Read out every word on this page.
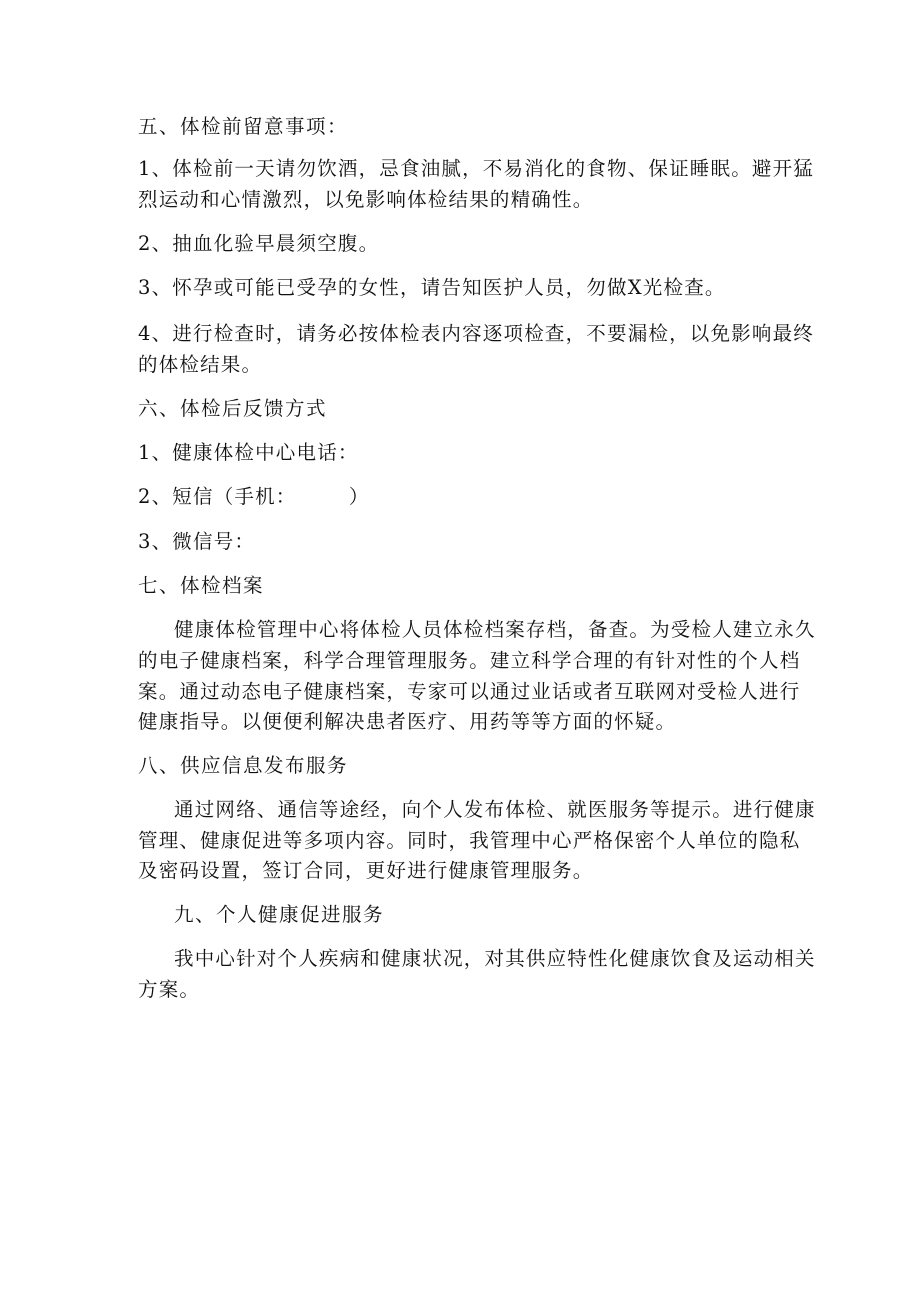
五、体检前留意事项：

1、体检前一天请勿饮酒，忌食油腻，不易消化的食物、保证睡眠。避开猛

烈运动和心情激烈，以免影响体检结果的精确性。

2、抽血化验早晨须空腹。

3、怀孕或可能已受孕的女性，请告知医护人员，勿做X光检查。

4、进行检查时，请务必按体检表内容逐项检查，不要漏检，以免影响最终

的体检结果。

六、体检后反馈方式

1、健康体检中心电话：

2、短信（手机：　　　）

3、微信号：

七、体检档案

健康体检管理中心将体检人员体检档案存档，备查。为受检人建立永久

的电子健康档案，科学合理管理服务。建立科学合理的有针对性的个人档

案。通过动态电子健康档案，专家可以通过业话或者互联网对受检人进行

健康指导。以便便利解决患者医疗、用药等等方面的怀疑。

八、供应信息发布服务

通过网络、通信等途经，向个人发布体检、就医服务等提示。进行健康

管理、健康促进等多项内容。同时，我管理中心严格保密个人单位的隐私

及密码设置，签订合同，更好进行健康管理服务。

九、个人健康促进服务

我中心针对个人疾病和健康状况，对其供应特性化健康饮食及运动相关

方案。
